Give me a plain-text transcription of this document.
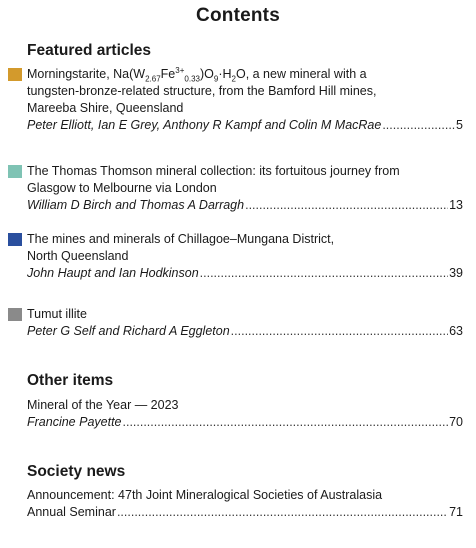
Contents
Featured articles
Morningstarite, $Na(W_{2.67}Fe^{3+}_{0.33})O_9\cdot H_2O$, a new mineral with a
tungsten-bronze-related structure, from the Bamford Hill mines,
Mareeba Shire, Queensland
Peter Elliott, Ian E Grey, Anthony R Kampf and Colin M MacRae .....	5
The Thomas Thomson mineral collection: its fortuitous journey from
Glasgow to Melbourne via London
William D Birch and Thomas A Darragh .....	13
The mines and minerals of Chillagoe–Mungana District,
North Queensland
John Haupt and Ian Hodkinson .....	39
Tumut illite
Peter G Self and Richard A Eggleton .....	63
Other items
Mineral of the Year — 2023
Francine Payette .....	70
Society news
Announcement: 47th Joint Mineralogical Societies of Australasia
Annual Seminar .....	71
